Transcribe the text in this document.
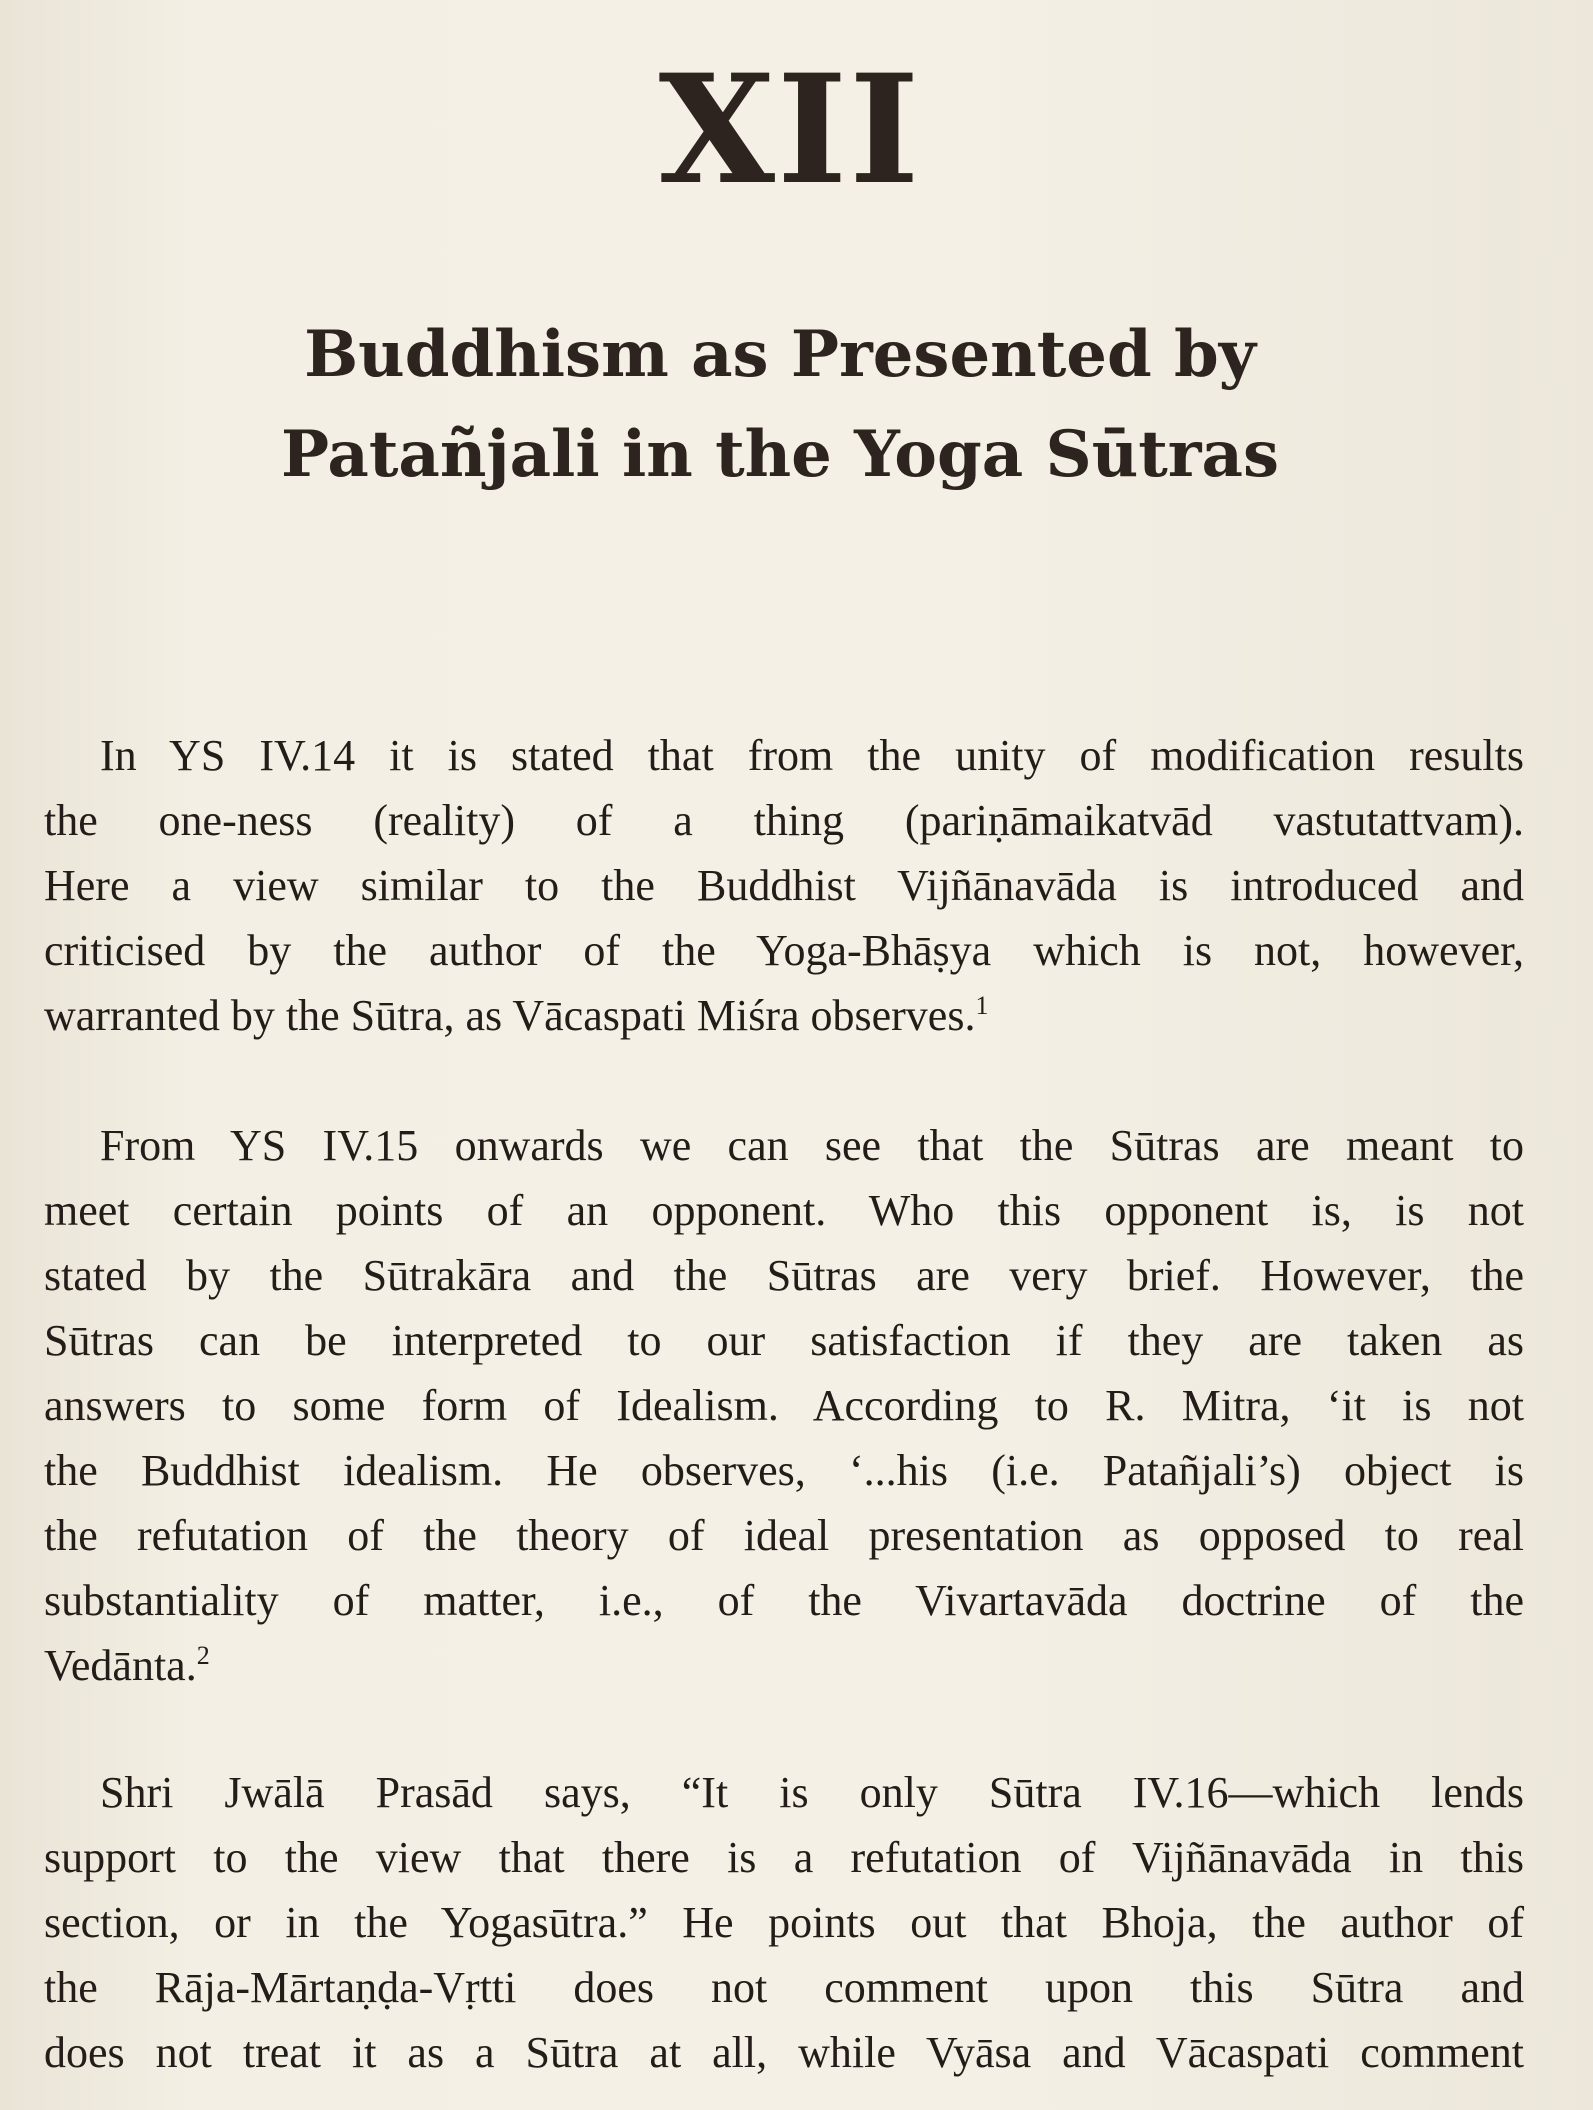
XII
Buddhism as Presented by
Patañjali in the Yoga Sūtras
In YS IV.14 it is stated that from the unity of modification results
the one-ness (reality) of a thing (pariṇāmaikatvād vastutattvam).
Here a view similar to the Buddhist Vijñānavāda is introduced and
criticised by the author of the Yoga-Bhāṣya which is not, however,
warranted by the Sūtra, as Vācaspati Miśra observes.$^1$
From YS IV.15 onwards we can see that the Sūtras are meant to
meet certain points of an opponent. Who this opponent is, is not
stated by the Sūtrakāra and the Sūtras are very brief. However, the
Sūtras can be interpreted to our satisfaction if they are taken as
answers to some form of Idealism. According to R. Mitra, ‘it is not
the Buddhist idealism. He observes, ‘...his (i.e. Patañjali’s) object is
the refutation of the theory of ideal presentation as opposed to real
substantiality of matter, i.e., of the Vivartavāda doctrine of the
Vedānta.$^2$
Shri Jwālā Prasād says, “It is only Sūtra IV.16—which lends
support to the view that there is a refutation of Vijñānavāda in this
section, or in the Yogasūtra.” He points out that Bhoja, the author of
the Rāja-Mārtaṇḍa-Vṛtti does not comment upon this Sūtra and
does not treat it as a Sūtra at all, while Vyāsa and Vācaspati comment
